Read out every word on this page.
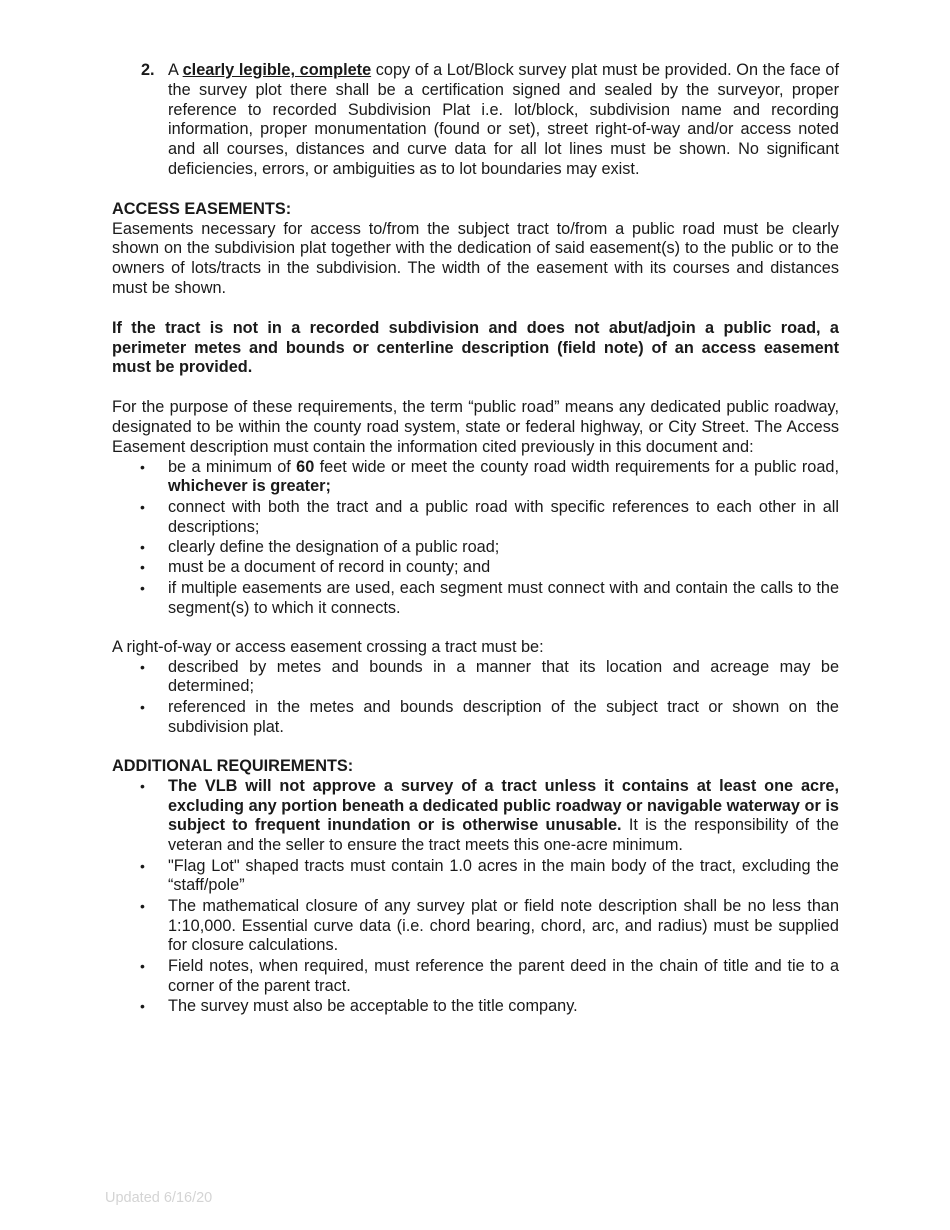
2. A clearly legible, complete copy of a Lot/Block survey plat must be provided. On the face of the survey plot there shall be a certification signed and sealed by the surveyor, proper reference to recorded Subdivision Plat i.e. lot/block, subdivision name and recording information, proper monumentation (found or set), street right-of-way and/or access noted and all courses, distances and curve data for all lot lines must be shown. No significant deficiencies, errors, or ambiguities as to lot boundaries may exist.

ACCESS EASEMENTS:

Easements necessary for access to/from the subject tract to/from a public road must be clearly shown on the subdivision plat together with the dedication of said easement(s) to the public or to the owners of lots/tracts in the subdivision. The width of the easement with its courses and distances must be shown.

If the tract is not in a recorded subdivision and does not abut/adjoin a public road, a perimeter metes and bounds or centerline description (field note) of an access easement must be provided.

For the purpose of these requirements, the term “public road” means any dedicated public roadway, designated to be within the county road system, state or federal highway, or City Street. The Access Easement description must contain the information cited previously in this document and:

• be a minimum of 60 feet wide or meet the county road width requirements for a public road, whichever is greater;
• connect with both the tract and a public road with specific references to each other in all descriptions;
• clearly define the designation of a public road;
• must be a document of record in county; and
• if multiple easements are used, each segment must connect with and contain the calls to the segment(s) to which it connects.

A right-of-way or access easement crossing a tract must be:

• described by metes and bounds in a manner that its location and acreage may be determined;
• referenced in the metes and bounds description of the subject tract or shown on the subdivision plat.
ADDITIONAL REQUIREMENTS:
• The VLB will not approve a survey of a tract unless it contains at least one acre, excluding any portion beneath a dedicated public roadway or navigable waterway or is subject to frequent inundation or is otherwise unusable. It is the responsibility of the veteran and the seller to ensure the tract meets this one-acre minimum.
• "Flag Lot" shaped tracts must contain 1.0 acres in the main body of the tract, excluding the “staff/pole”
• The mathematical closure of any survey plat or field note description shall be no less than 1:10,000. Essential curve data (i.e. chord bearing, chord, arc, and radius) must be supplied for closure calculations.
• Field notes, when required, must reference the parent deed in the chain of title and tie to a corner of the parent tract.
• The survey must also be acceptable to the title company.
Updated 6/16/20
